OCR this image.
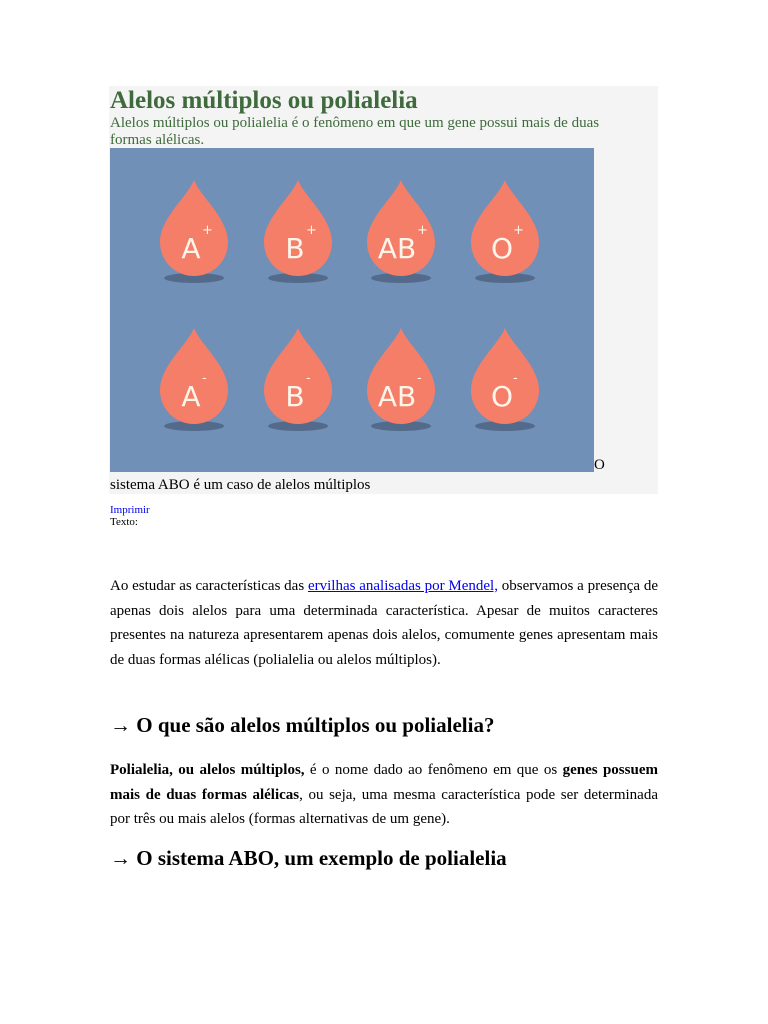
Alelos múltiplos ou polialelia

Alelos múltiplos ou polialelia é o fenômeno em que um gene possui mais de duas formas alélicas.

A
+
B
+
AB
+
O
+
A
-
B
-
AB
-
O
-
O
sistema ABO é um caso de alelos múltiplos
Imprimir
Texto:

Ao estudar as características das ervilhas analisadas por Mendel, observamos a presença de apenas dois alelos para uma determinada característica. Apesar de muitos caracteres presentes na natureza apresentarem apenas dois alelos, comumente genes apresentam mais de duas formas alélicas (polialelia ou alelos múltiplos).

→ O que são alelos múltiplos ou polialelia?

Polialelia, ou alelos múltiplos, é o nome dado ao fenômeno em que os genes possuem mais de duas formas alélicas, ou seja, uma mesma característica pode ser determinada por três ou mais alelos (formas alternativas de um gene).

→ O sistema ABO, um exemplo de polialelia
